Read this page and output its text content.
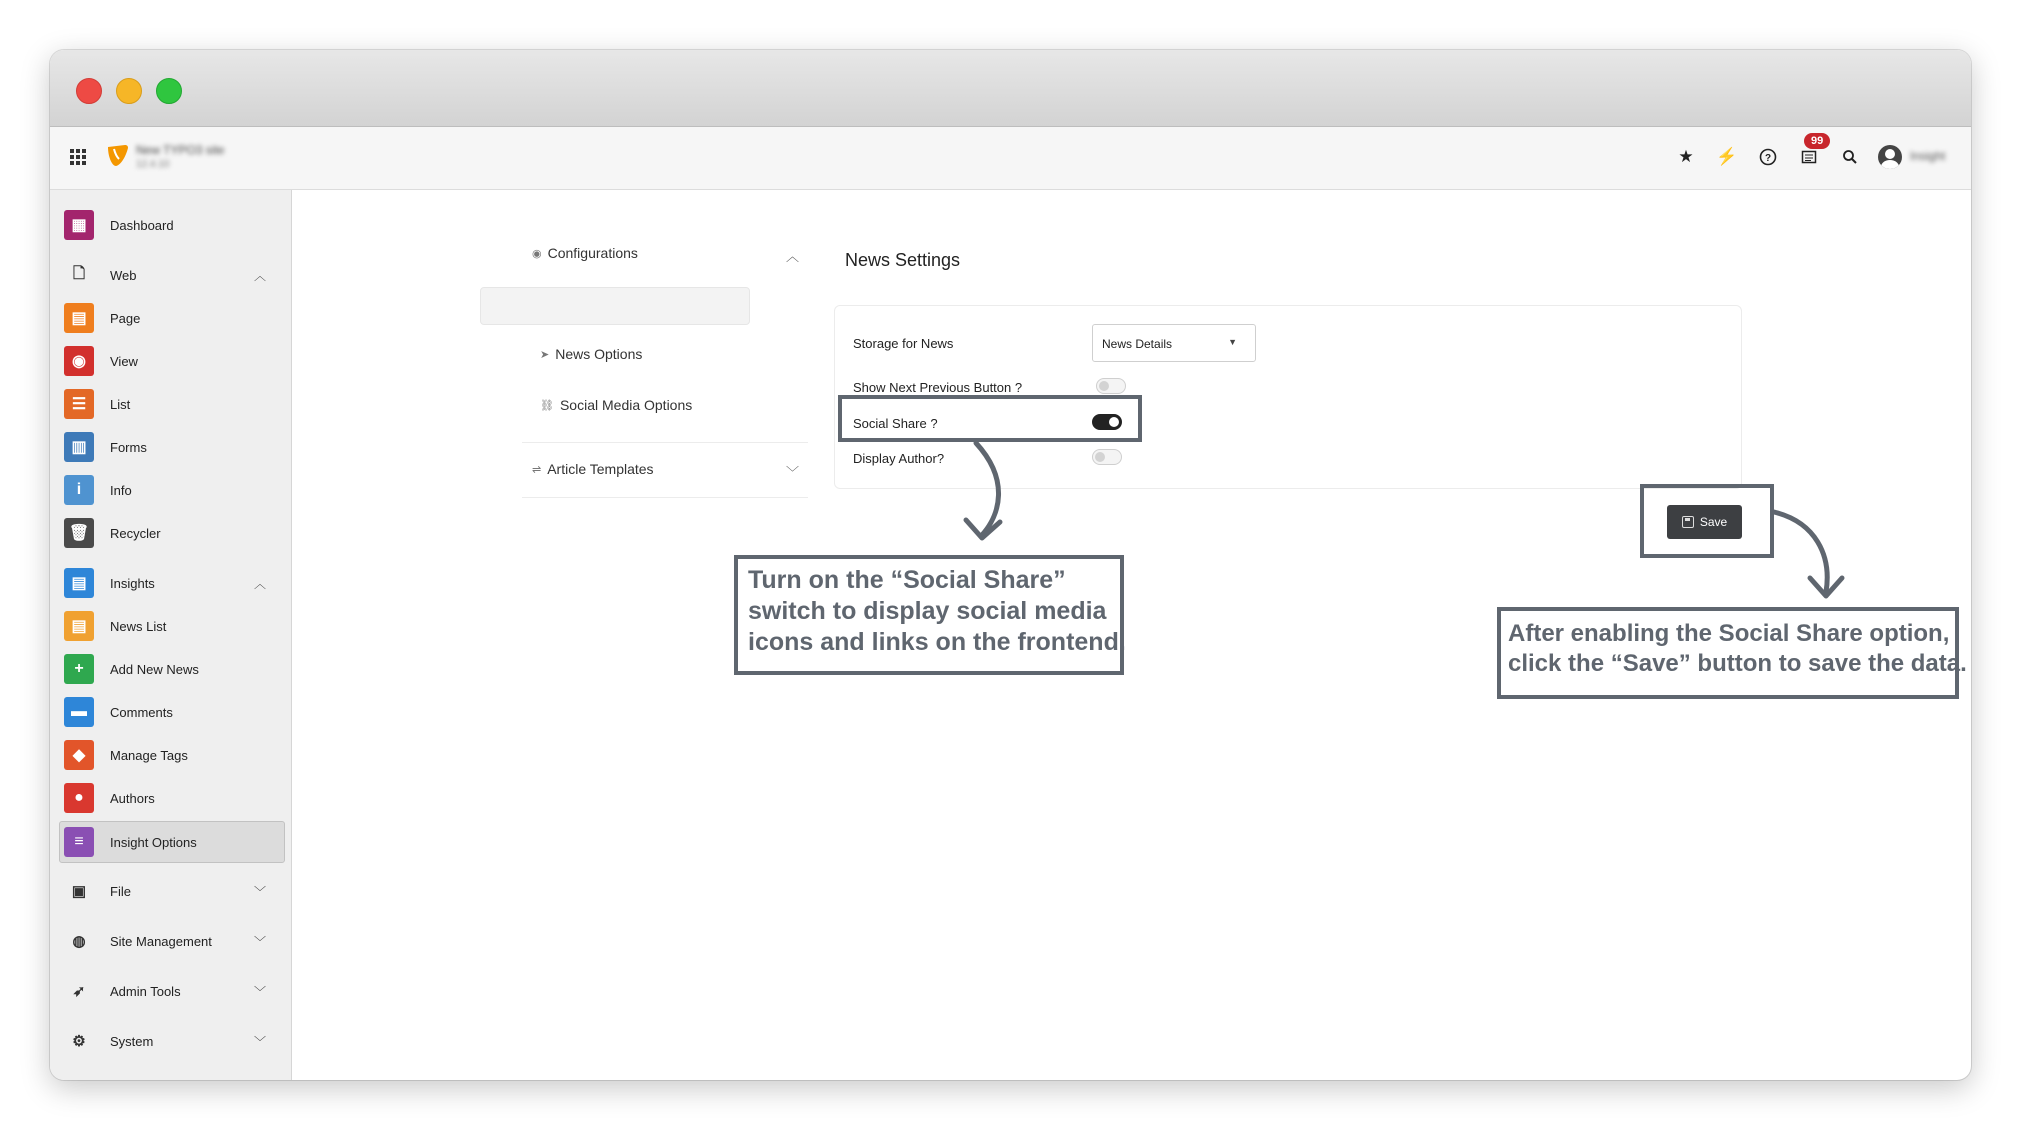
New TYPO3 site
12.4.10	★ ⚡	?
99
Insight
▦	Dashboard
🗋	Web	︿
▤	Page
◉	View
☰	List
▥	Forms
i	Info
🗑	Recycler
▤	Insights	︿
▤	News List
+	Add New News
▬	Comments
◆	Manage Tags
●	Authors
≡	Insight Options
▣	File	﹀
◍	Site Management	﹀
➶	Admin Tools	﹀
⚙	System	﹀
◉ Configurations	︿
➤ News Options
⛓ Social Media Options
⇌ Article Templates	﹀
News Settings
Storage for News	News Details	▼
Show Next Previous Button ?
Social Share ?
Display Author?
Save

Turn on the “Social Share”

switch to display social media

icons and links on the frontend.	After enabling the Social Share option,

click the “Save” button to save the data.
